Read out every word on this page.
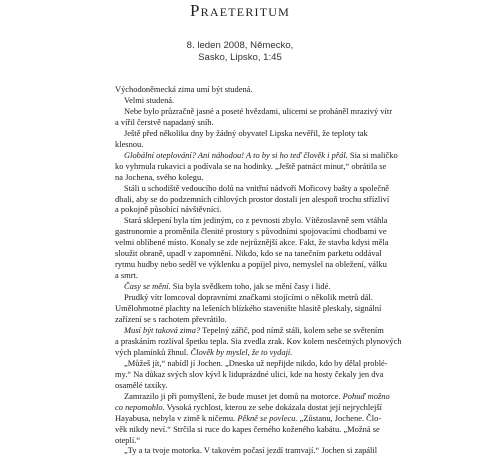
Praeteritum
8. leden 2008, Německo,
Sasko, Lipsko, 1:45
Východoněmecká zima umí být studená.
Velmi studená.
Nebe bylo průzračně jasné a poseté hvězdami, ulicemi se proháněl mrazivý vítr
a vířil čerstvě napadaný sníh.
Ještě před několika dny by žádný obyvatel Lipska nevěřil, že teploty tak
klesnou.
Globální oteplování? Ani náhodou! A to by si ho teď člověk i přál. Sia si maličko
ko vyhrnula rukavici a podívala se na hodinky. „Ještě patnáct minut,“ obrátila se
na Jochena, svého kolegu.
Stáli u schodiště vedoucího dolů na vnitřní nádvoří Mořicovy bašty a společně
dbali, aby se do podzemních cihlových prostor dostali jen alespoň trochu střízliví
a pokojně působící návštěvníci.
Stará sklepení byla tím jediným, co z pevnosti zbylo. Vítězoslavně sem vtáhla
gastronomie a proměnila členité prostory s původními spojovacími chodbami ve
velmi oblíbené místo. Konaly se zde nejrůznější akce. Fakt, že stavba kdysi měla
sloužit obraně, upadl v zapomnění. Nikdo, kdo se na tanečním parketu oddával
rytmu hudby nebo seděl ve výklenku a popíjel pivo, nemyslel na obležení, válku
a smrt.
Časy se mění. Sia byla svědkem toho, jak se mění časy i lidé.
Prudký vítr lomcoval dopravními značkami stojícími o několik metrů dál.
Umělohmotné plachty na lešeních blízkého stavenište hlasitě pleskaly, signální
zařízení se s rachotem převrátilo.
Musí být taková zima? Tepelný zářič, pod nímž stáli, kolem sebe se světením
a praskáním rozlíval špetku tepla. Sia zvedla zrak. Kov kolem nesčetných plynových
vých plamínků žhnul. Člověk by myslel, že to vydají.
„Můžeš jít,“ nabídl jí Jochen. „Dneska už nepřijde nikdo, kdo by dělal problé-
my.“ Na důkaz svých slov kývl k liduprázdné ulici, kde na hosty čekaly jen dva
osamělé taxíky.
Zamrazilo ji při pomyšlení, že bude muset jet domů na motorce. Pohuď možno
co nepomohlo. Vysoká rychlost, kterou ze sebe dokázala dostat její nejrychlejší
Hayabusa, nebyla v zimě k ničemu. Pěkně se povlecu. „Zůstanu, Jochene. Člo-
věk nikdy neví.“ Strčila si ruce do kapes černého koženého kabátu. „Možná se
oteplí.“
„Ty a ta tvoje motorka. V takovém počasí jezdí tramvají.“ Jochen si zapálil
